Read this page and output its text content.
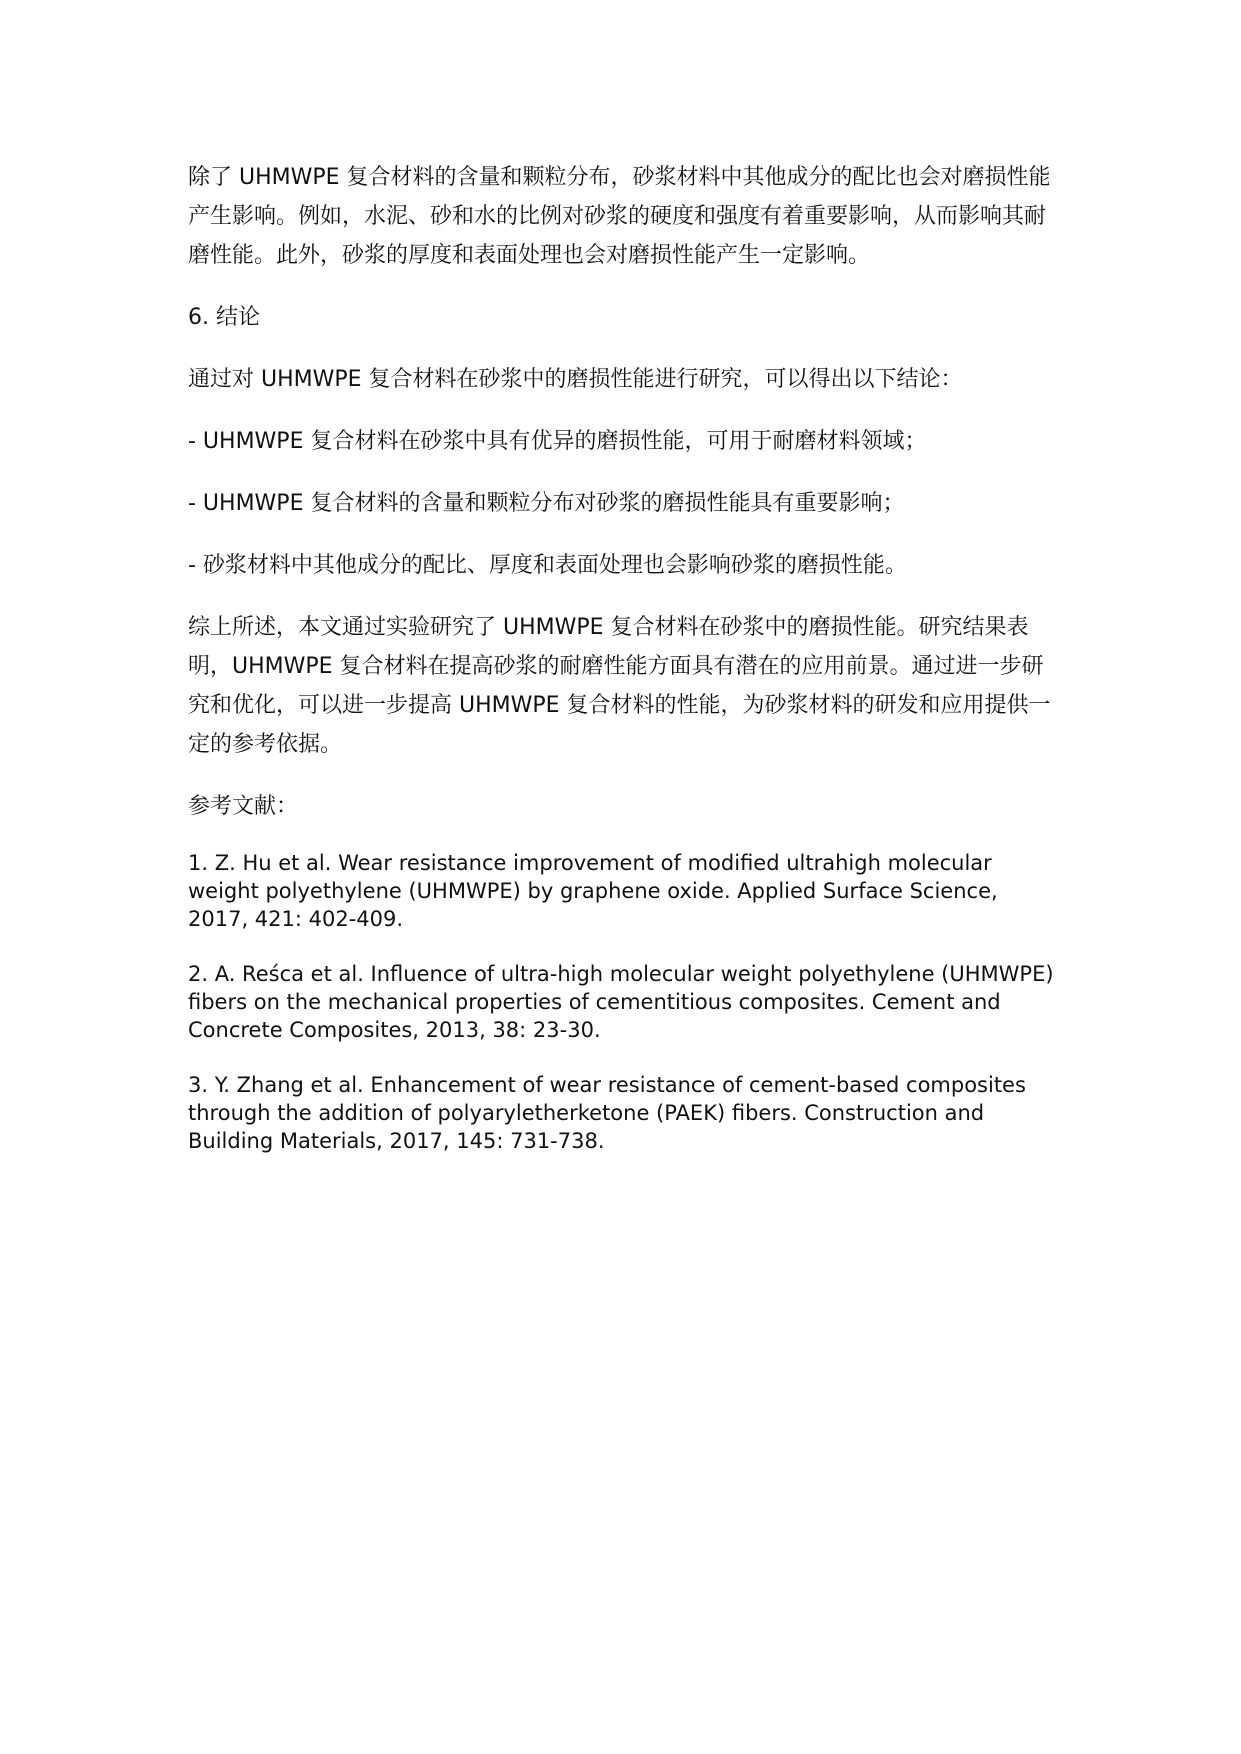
除了 UHMWPE 复合材料的含量和颗粒分布，砂浆材料中其他成分的配比也会对磨损性能产生影响。例如，水泥、砂和水的比例对砂浆的硬度和强度有着重要影响，从而影响其耐磨性能。此外，砂浆的厚度和表面处理也会对磨损性能产生一定影响。

6. 结论

通过对 UHMWPE 复合材料在砂浆中的磨损性能进行研究，可以得出以下结论：

- UHMWPE 复合材料在砂浆中具有优异的磨损性能，可用于耐磨材料领域；

- UHMWPE 复合材料的含量和颗粒分布对砂浆的磨损性能具有重要影响；

- 砂浆材料中其他成分的配比、厚度和表面处理也会影响砂浆的磨损性能。

综上所述，本文通过实验研究了 UHMWPE 复合材料在砂浆中的磨损性能。研究结果表明，UHMWPE 复合材料在提高砂浆的耐磨性能方面具有潜在的应用前景。通过进一步研究和优化，可以进一步提高 UHMWPE 复合材料的性能，为砂浆材料的研发和应用提供一定的参考依据。

参考文献：

1. Z. Hu et al. Wear resistance improvement of modified ultrahigh molecular weight polyethylene (UHMWPE) by graphene oxide. Applied Surface Science, 2017, 421: 402-409.

2. A. Reśca et al. Influence of ultra-high molecular weight polyethylene (UHMWPE) fibers on the mechanical properties of cementitious composites. Cement and Concrete Composites, 2013, 38: 23-30.

3. Y. Zhang et al. Enhancement of wear resistance of cement-based composites through the addition of polyaryletherketone (PAEK) fibers. Construction and Building Materials, 2017, 145: 731-738.
